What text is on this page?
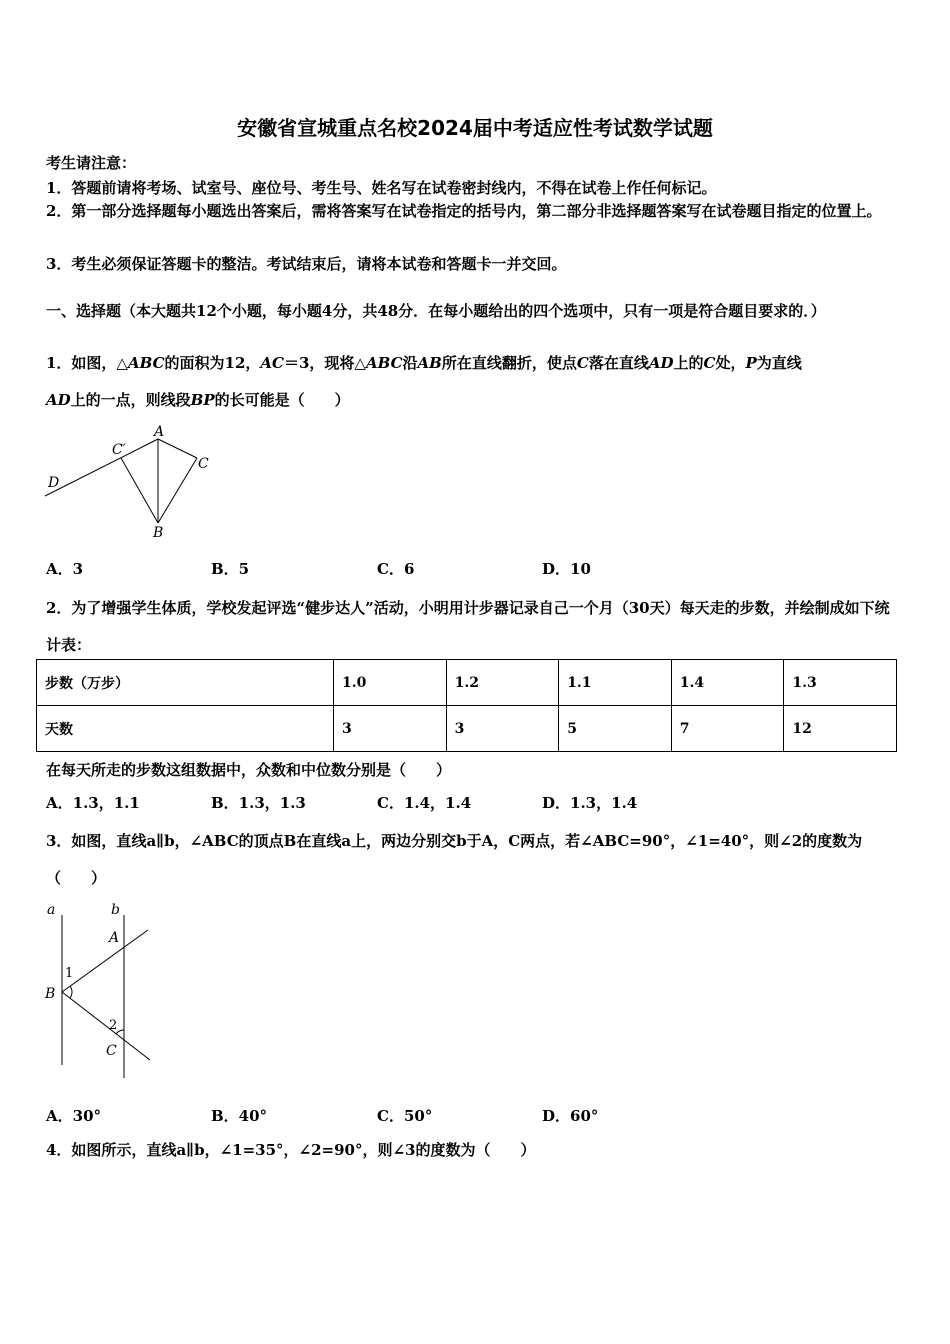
安徽省宣城重点名校2024届中考适应性考试数学试题
考生请注意：
1．答题前请将考场、试室号、座位号、考生号、姓名写在试卷密封线内，不得在试卷上作任何标记。
2．第一部分选择题每小题选出答案后，需将答案写在试卷指定的括号内，第二部分非选择题答案写在试卷题目指定的位置上。
3．考生必须保证答题卡的整洁。考试结束后，请将本试卷和答题卡一并交回。
一、选择题（本大题共12个小题，每小题4分，共48分．在每小题给出的四个选项中，只有一项是符合题目要求的．）
1．如图，△ABC的面积为12，AC＝3，现将△ABC沿AB所在直线翻折，使点C落在直线AD上的C处，P为直线
AD上的一点，则线段BP的长可能是（　　）
A
B
C
C′
D
A．3	B．5	C．6	D．10
2．为了增强学生体质，学校发起评选“健步达人”活动，小明用计步器记录自己一个月（30天）每天走的步数，并绘制成如下统计表：
步数（万步）	1.0	1.2	1.1	1.4	1.3
天数	3	3	5	7	12
在每天所走的步数这组数据中，众数和中位数分别是（　　）
A．1.3，1.1	B．1.3，1.3	C．1.4，1.4	D．1.3，1.4
3．如图，直线a∥b，∠ABC的顶点B在直线a上，两边分别交b于A，C两点，若∠ABC=90°，∠1=40°，则∠2的度数为（　　）
a	b
A
B
C
1
2
A．30°	B．40°	C．50°	D．60°
4．如图所示，直线a∥b，∠1=35°，∠2=90°，则∠3的度数为（　　）
